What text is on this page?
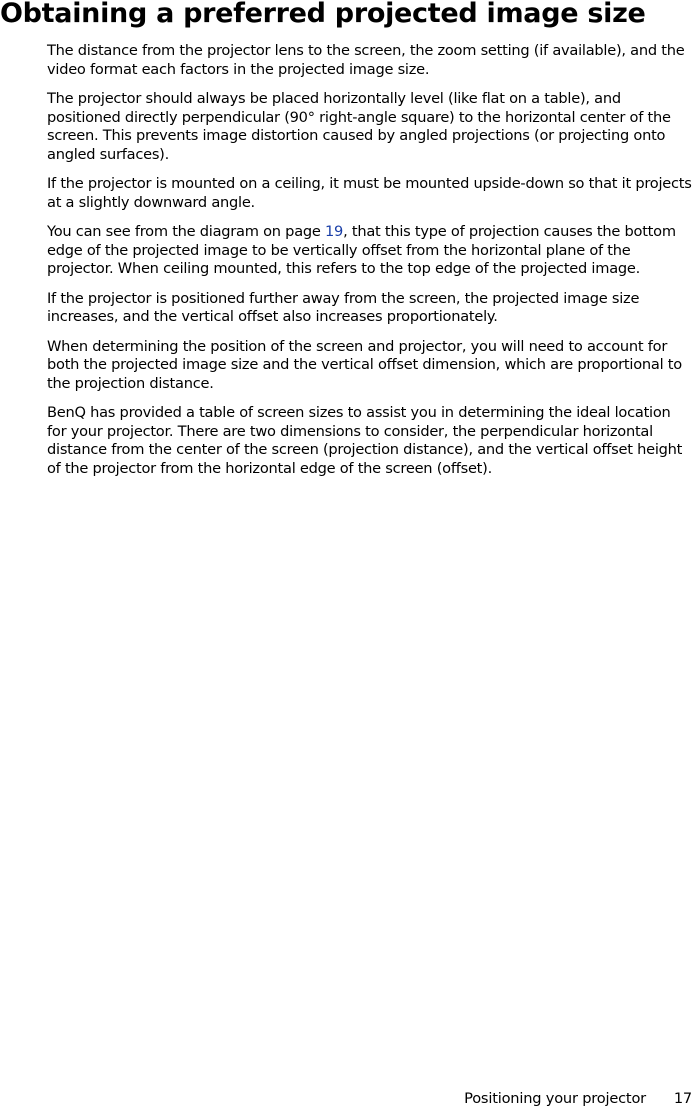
Obtaining a preferred projected image size

The distance from the projector lens to the screen, the zoom setting (if available), and the video format each factors in the projected image size.

The projector should always be placed horizontally level (like flat on a table), and positioned directly perpendicular (90° right-angle square) to the horizontal center of the screen. This prevents image distortion caused by angled projections (or projecting onto angled surfaces).

If the projector is mounted on a ceiling, it must be mounted upside-down so that it projects at a slightly downward angle.

You can see from the diagram on page 19, that this type of projection causes the bottom edge of the projected image to be vertically offset from the horizontal plane of the projector. When ceiling mounted, this refers to the top edge of the projected image.

If the projector is positioned further away from the screen, the projected image size increases, and the vertical offset also increases proportionately.

When determining the position of the screen and projector, you will need to account for both the projected image size and the vertical offset dimension, which are proportional to the projection distance.

BenQ has provided a table of screen sizes to assist you in determining the ideal location for your projector. There are two dimensions to consider, the perpendicular horizontal distance from the center of the screen (projection distance), and the vertical offset height of the projector from the horizontal edge of the screen (offset).

Positioning your projector 17
